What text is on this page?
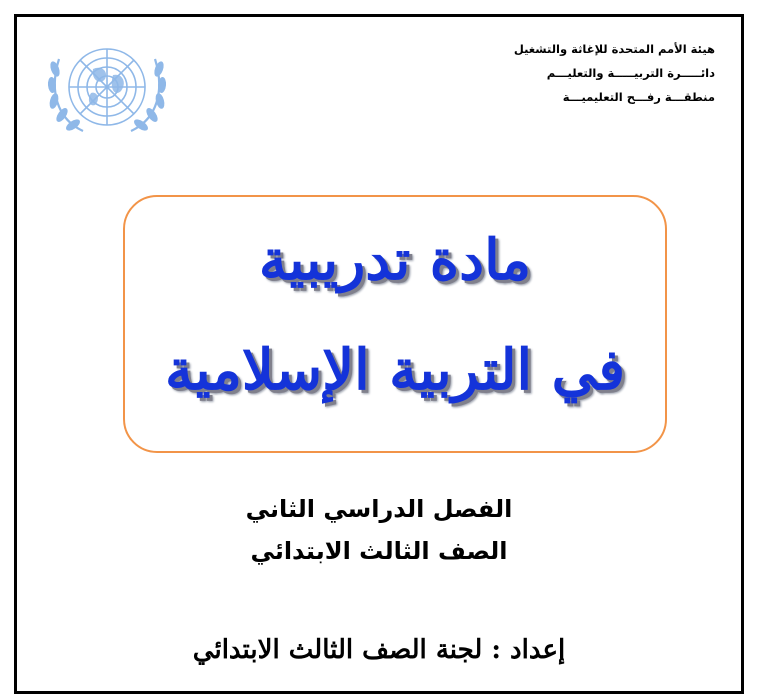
هيئة الأمم المتحدة للإغاثة والتشغيل
دائـــــرة التربيـــــة والتعليـــم
منطقـــة رفـــح التعليميـــة
مادة تدريبية
في التربية الإسلامية
الفصل الدراسي الثاني
الصف الثالث الابتدائي
إعداد : لجنة الصف الثالث الابتدائي
